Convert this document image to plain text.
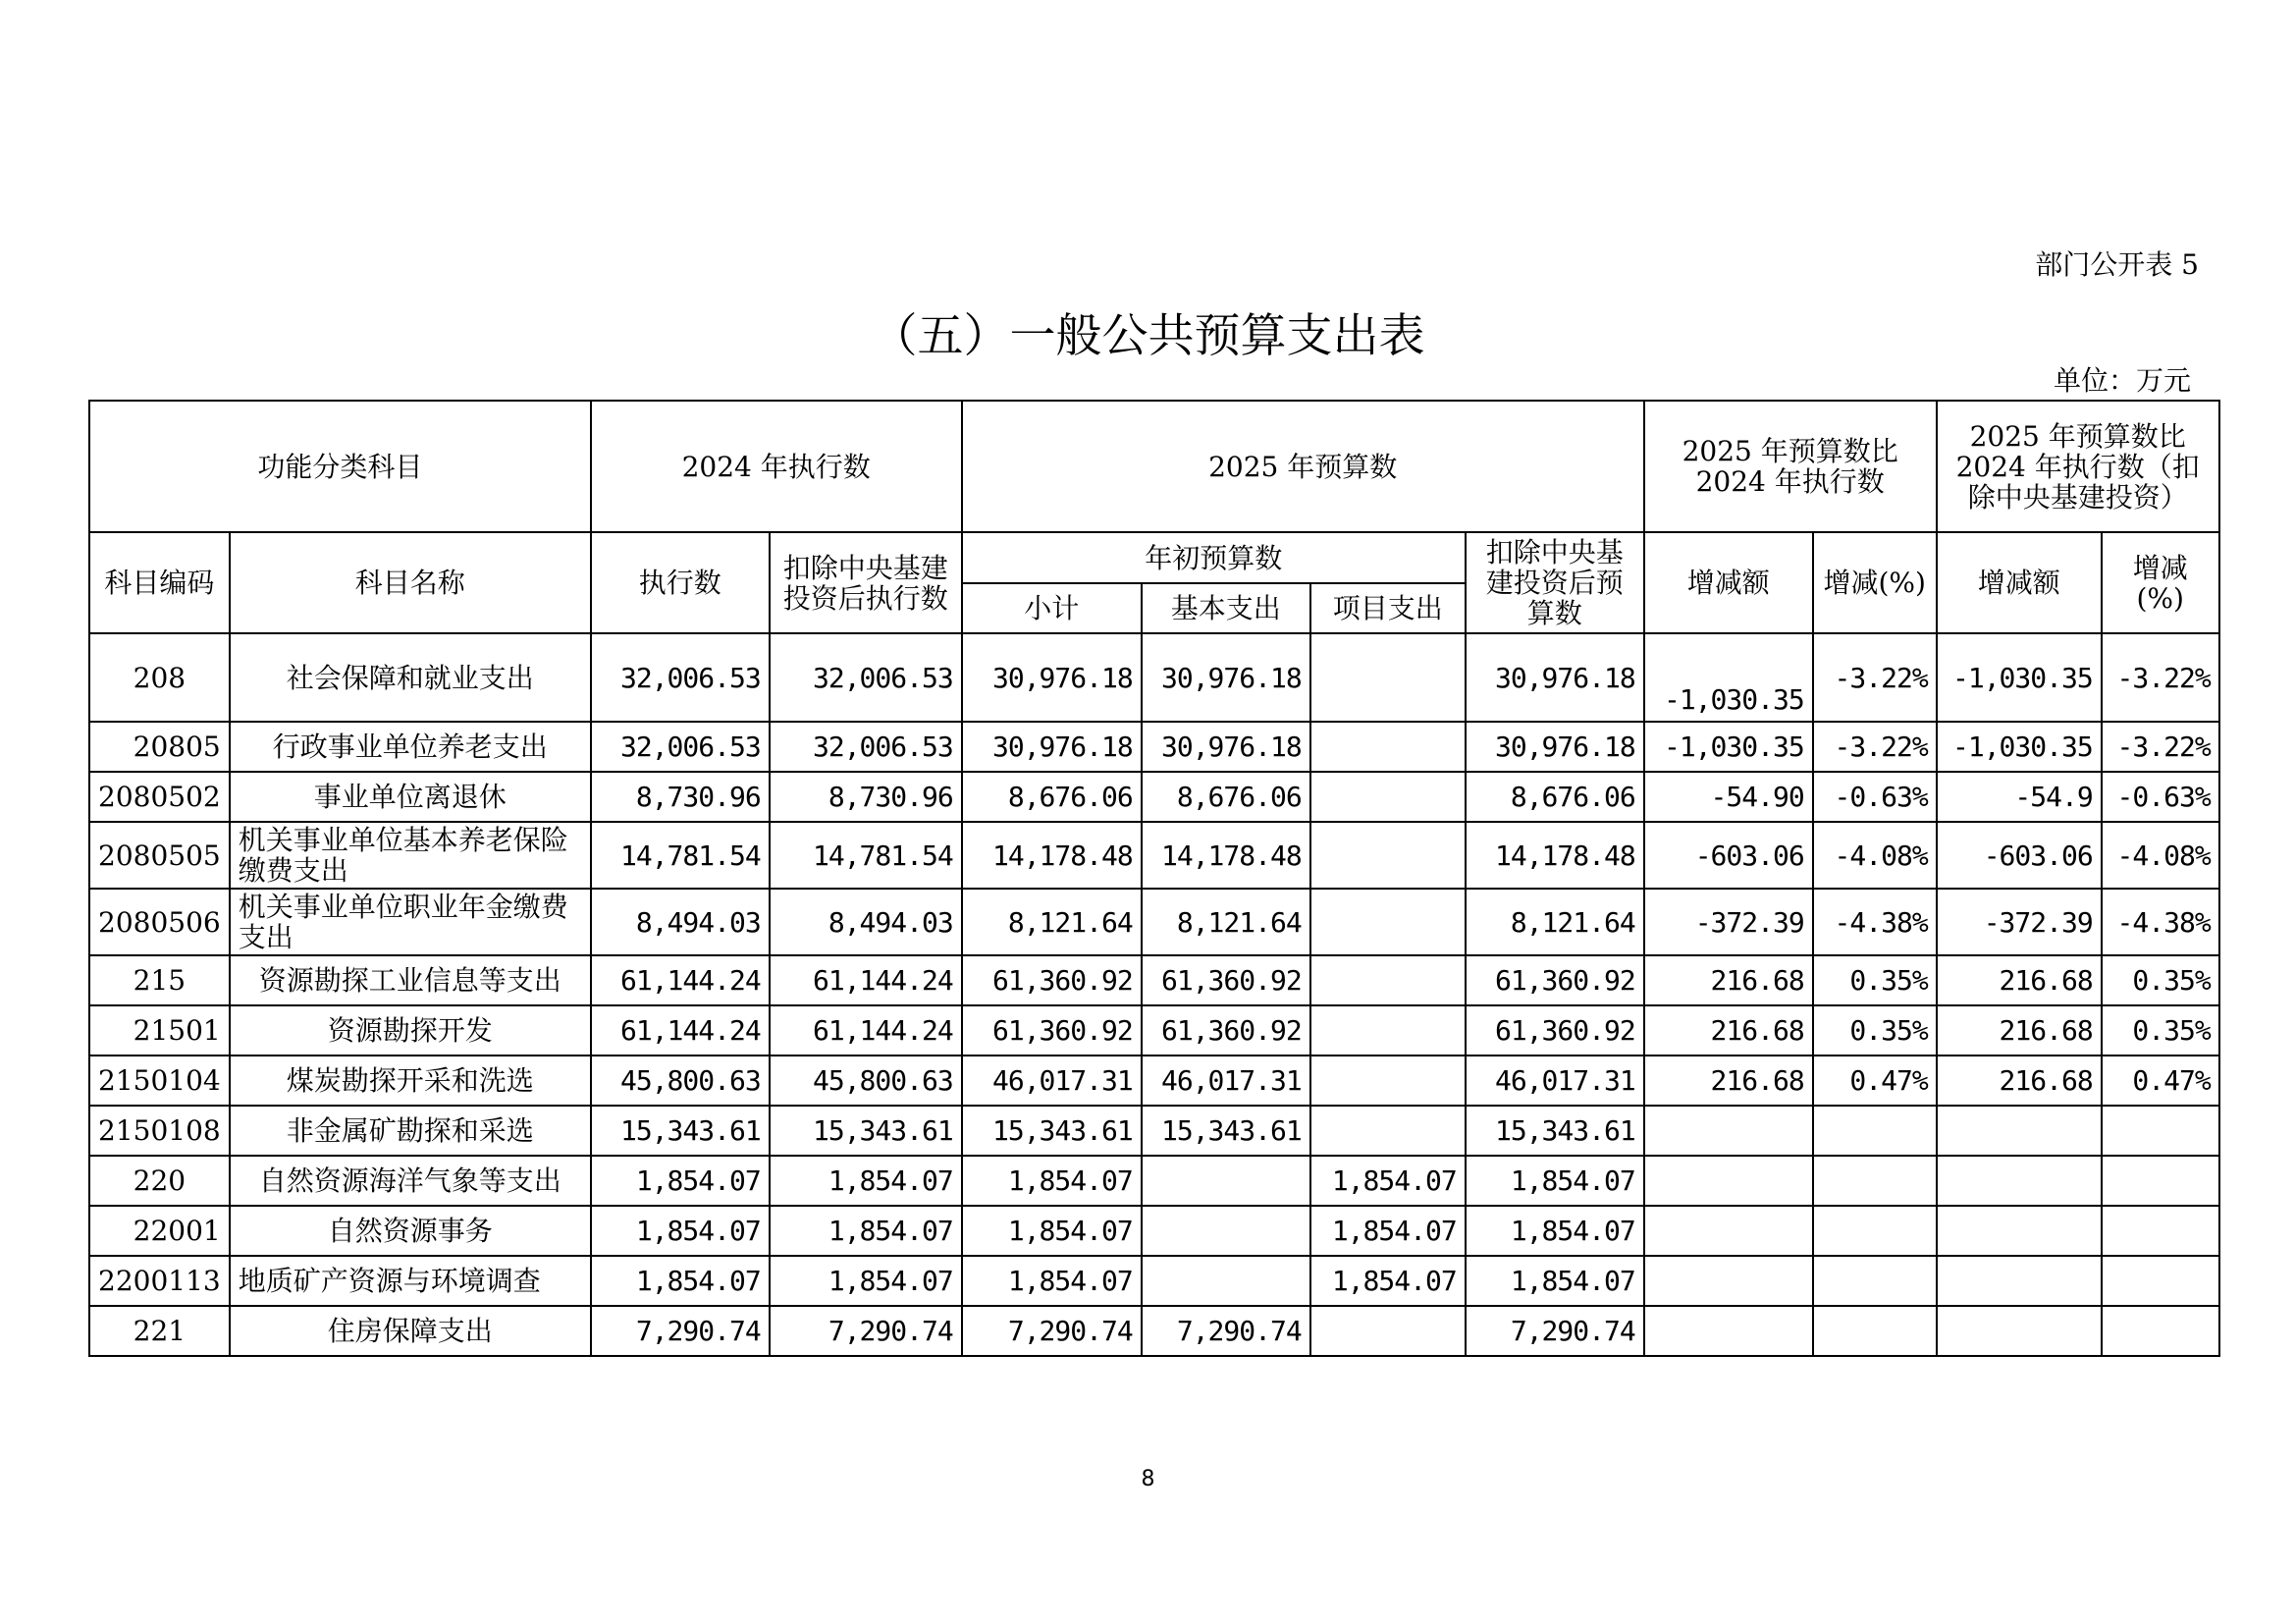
部门公开表 5
（五）一般公共预算支出表
单位：万元
功能分类科目		2024 年执行数		2025 年预算数				2025 年预算数比 2024 年执行数		2025 年预算数比 2024 年执行数（扣除中央基建投资）	
科目编码	科目名称	执行数	扣除中央基建投资后执行数	年初预算数			扣除中央基建投资后预算数	增减额	增减(%)	增减额	增减(%)
				小计	基本支出	项目支出					
208	社会保障和就业支出	32,006.53	32,006.53	30,976.18	30,976.18		30,976.18	-1,030.35	-3.22%	-1,030.35	-3.22%
20805	行政事业单位养老支出	32,006.53	32,006.53	30,976.18	30,976.18		30,976.18	-1,030.35	-3.22%	-1,030.35	-3.22%
2080502	事业单位离退休	8,730.96	8,730.96	8,676.06	8,676.06		8,676.06	-54.90	-0.63%	-54.9	-0.63%
2080505	机关事业单位基本养老保险缴费支出	14,781.54	14,781.54	14,178.48	14,178.48		14,178.48	-603.06	-4.08%	-603.06	-4.08%
2080506	机关事业单位职业年金缴费支出	8,494.03	8,494.03	8,121.64	8,121.64		8,121.64	-372.39	-4.38%	-372.39	-4.38%
215	资源勘探工业信息等支出	61,144.24	61,144.24	61,360.92	61,360.92		61,360.92	216.68	0.35%	216.68	0.35%
21501	资源勘探开发	61,144.24	61,144.24	61,360.92	61,360.92		61,360.92	216.68	0.35%	216.68	0.35%
2150104	煤炭勘探开采和洗选	45,800.63	45,800.63	46,017.31	46,017.31		46,017.31	216.68	0.47%	216.68	0.47%
2150108	非金属矿勘探和采选	15,343.61	15,343.61	15,343.61	15,343.61		15,343.61				
220	自然资源海洋气象等支出	1,854.07	1,854.07	1,854.07		1,854.07	1,854.07				
22001	自然资源事务	1,854.07	1,854.07	1,854.07		1,854.07	1,854.07				
2200113	地质矿产资源与环境调查	1,854.07	1,854.07	1,854.07		1,854.07	1,854.07				
221	住房保障支出	7,290.74	7,290.74	7,290.74	7,290.74		7,290.74				
8
